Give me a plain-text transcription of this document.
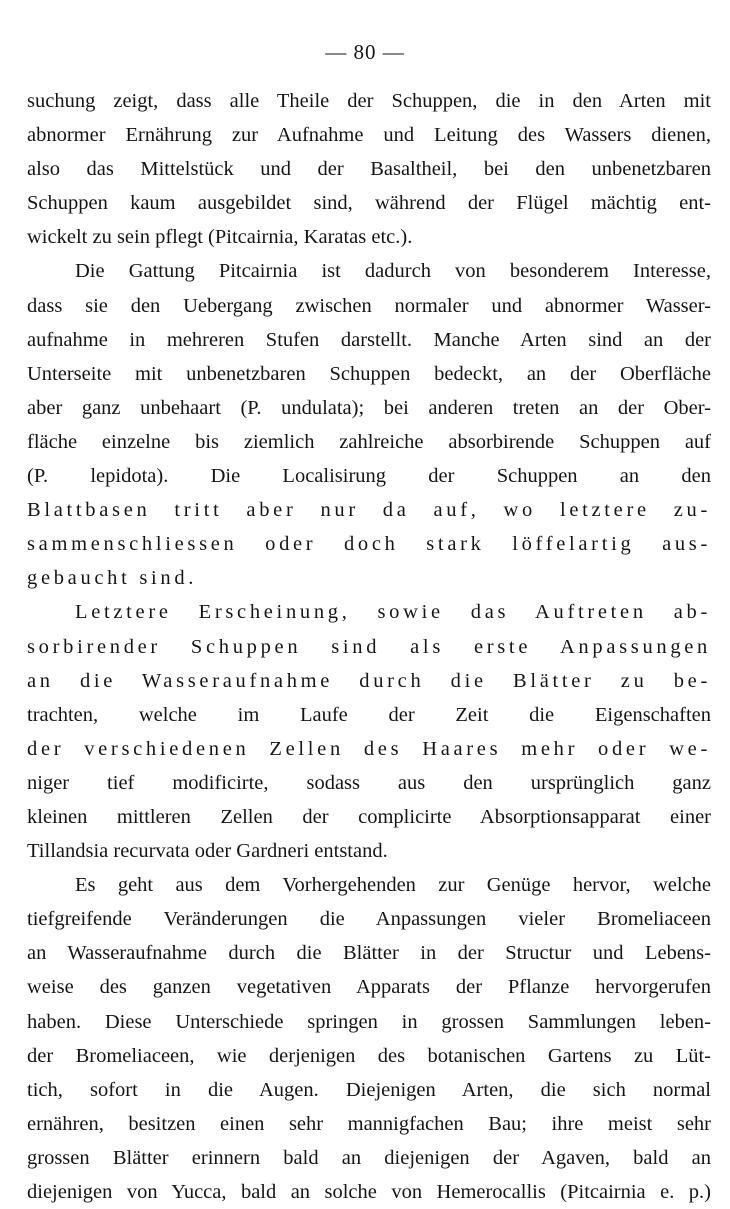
— 80 —
suchung zeigt, dass alle Theile der Schuppen, die in den Arten mit
abnormer Ernährung zur Aufnahme und Leitung des Wassers dienen,
also das Mittelstück und der Basaltheil, bei den unbenetzbaren
Schuppen kaum ausgebildet sind, während der Flügel mächtig ent-
wickelt zu sein pflegt (Pitcairnia, Karatas etc.).
Die Gattung Pitcairnia ist dadurch von besonderem Interesse,
dass sie den Uebergang zwischen normaler und abnormer Wasser-
aufnahme in mehreren Stufen darstellt. Manche Arten sind an der
Unterseite mit unbenetzbaren Schuppen bedeckt, an der Oberfläche
aber ganz unbehaart (P. undulata); bei anderen treten an der Ober-
fläche einzelne bis ziemlich zahlreiche absorbirende Schuppen auf
(P. lepidota). Die Localisirung der Schuppen an den
Blattbasen tritt aber nur da auf, wo letztere zu-
sammenschliessen oder doch stark löffelartig aus-
gebaucht sind.
Letztere Erscheinung, sowie das Auftreten ab-
sorbirender Schuppen sind als erste Anpassungen
an die Wasseraufnahme durch die Blätter zu be-
trachten, welche im Laufe der Zeit die Eigenschaften
der verschiedenen Zellen des Haares mehr oder we-
niger tief modificirte, sodass aus den ursprünglich ganz
kleinen mittleren Zellen der complicirte Absorptionsapparat einer
Tillandsia recurvata oder Gardneri entstand.
Es geht aus dem Vorhergehenden zur Genüge hervor, welche
tiefgreifende Veränderungen die Anpassungen vieler Bromeliaceen
an Wasseraufnahme durch die Blätter in der Structur und Lebens-
weise des ganzen vegetativen Apparats der Pflanze hervorgerufen
haben. Diese Unterschiede springen in grossen Sammlungen leben-
der Bromeliaceen, wie derjenigen des botanischen Gartens zu Lüt-
tich, sofort in die Augen. Diejenigen Arten, die sich normal
ernähren, besitzen einen sehr mannigfachen Bau; ihre meist sehr
grossen Blätter erinnern bald an diejenigen der Agaven, bald an
diejenigen von Yucca, bald an solche von Hemerocallis (Pitcairnia e. p.)
